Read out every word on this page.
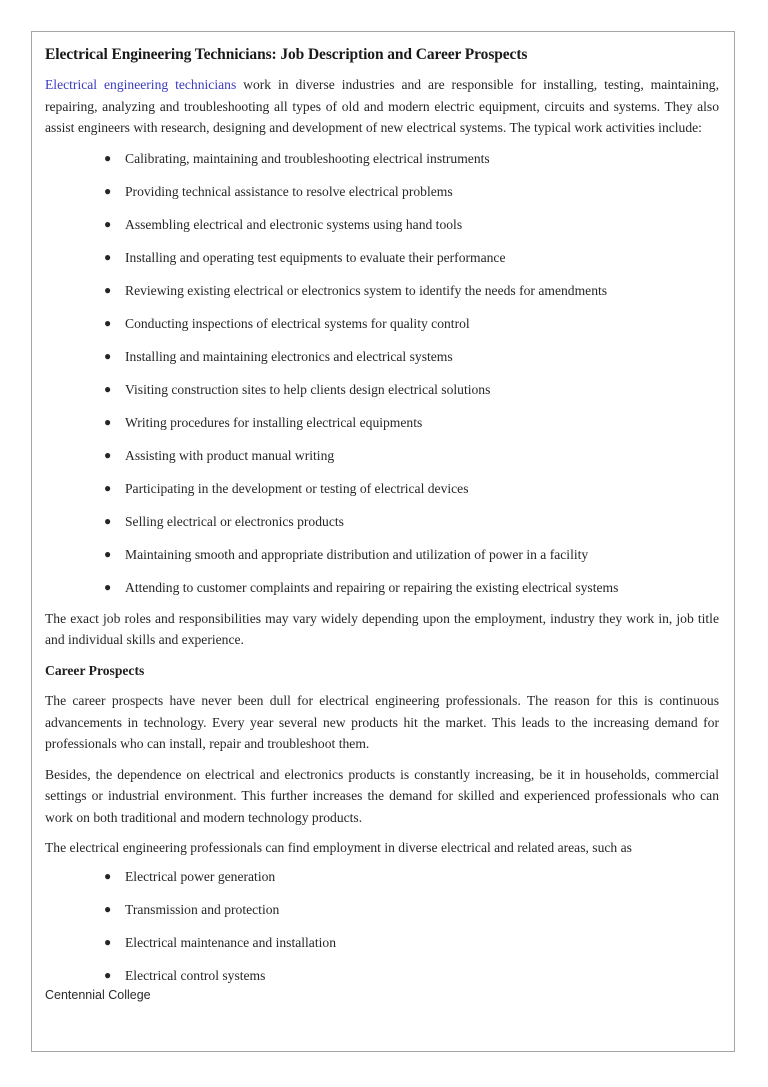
Electrical Engineering Technicians: Job Description and Career Prospects

Electrical engineering technicians work in diverse industries and are responsible for installing, testing, maintaining, repairing, analyzing and troubleshooting all types of old and modern electric equipment, circuits and systems. They also assist engineers with research, designing and development of new electrical systems. The typical work activities include:

● Calibrating, maintaining and troubleshooting electrical instruments
● Providing technical assistance to resolve electrical problems
● Assembling electrical and electronic systems using hand tools
● Installing and operating test equipments to evaluate their performance
● Reviewing existing electrical or electronics system to identify the needs for amendments
● Conducting inspections of electrical systems for quality control
● Installing and maintaining electronics and electrical systems
● Visiting construction sites to help clients design electrical solutions
● Writing procedures for installing electrical equipments
● Assisting with product manual writing
● Participating in the development or testing of electrical devices
● Selling electrical or electronics products
● Maintaining smooth and appropriate distribution and utilization of power in a facility
● Attending to customer complaints and repairing or repairing the existing electrical systems

The exact job roles and responsibilities may vary widely depending upon the employment, industry they work in, job title and individual skills and experience.

Career Prospects

The career prospects have never been dull for electrical engineering professionals. The reason for this is continuous advancements in technology. Every year several new products hit the market. This leads to the increasing demand for professionals who can install, repair and troubleshoot them.

Besides, the dependence on electrical and electronics products is constantly increasing, be it in households, commercial settings or industrial environment. This further increases the demand for skilled and experienced professionals who can work on both traditional and modern technology products.

The electrical engineering professionals can find employment in diverse electrical and related areas, such as

● Electrical power generation
● Transmission and protection
● Electrical maintenance and installation
● Electrical control systems

Centennial College
